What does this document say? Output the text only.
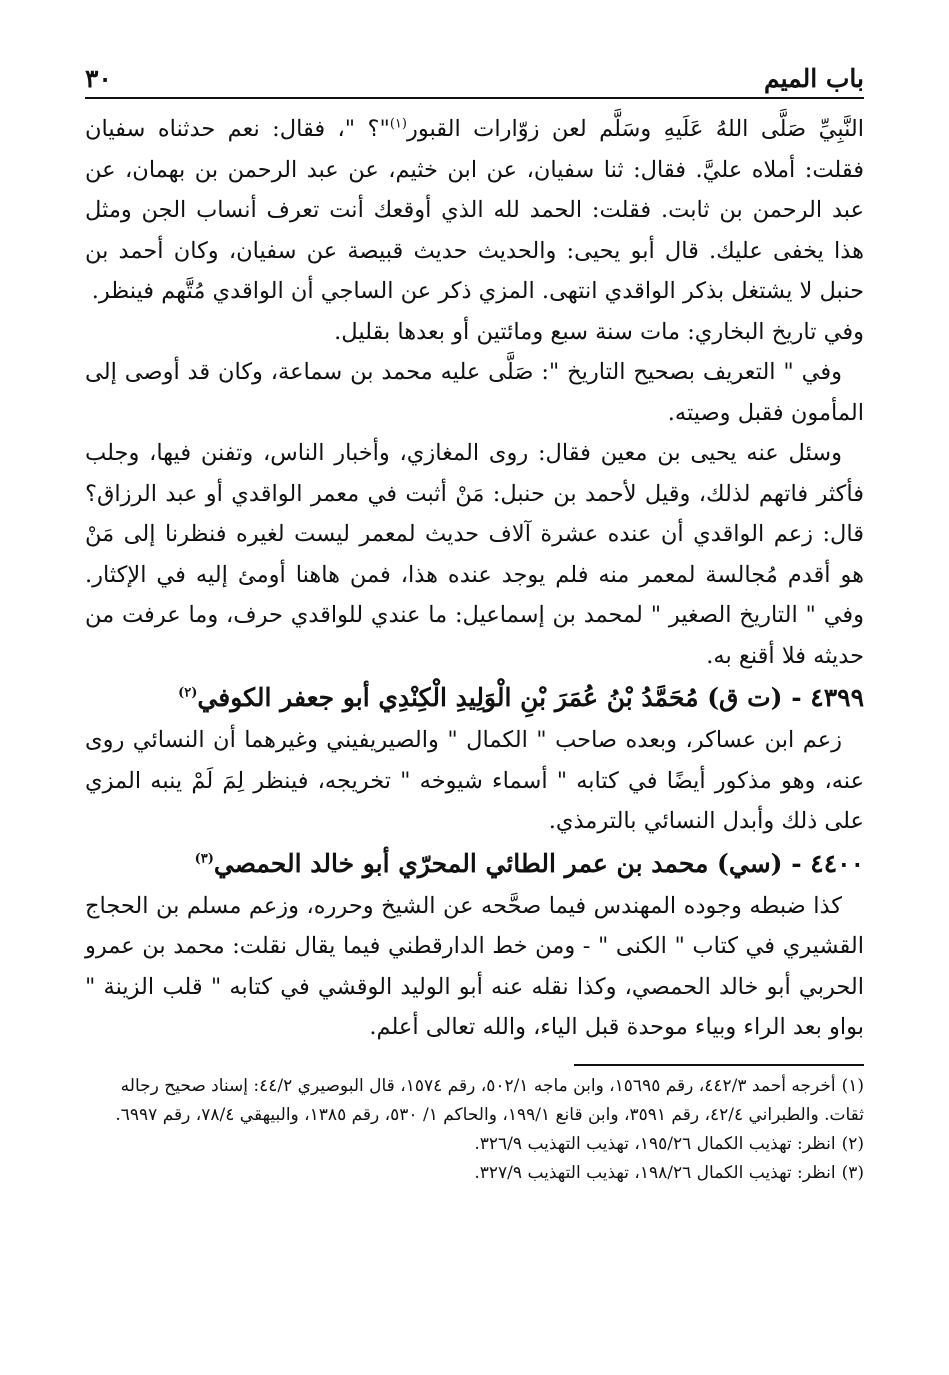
باب الميم
٣٠

النَّبِيِّ صَلَّى اللهُ عَلَيهِ وسَلَّم لعن زوّارات القبور$^{(١)}$"؟ "، فقال: نعم حدثناه سفيان فقلت: أملاه عليَّ. فقال: ثنا سفيان، عن ابن خثيم، عن عبد الرحمن بن بهمان، عن عبد الرحمن بن ثابت. فقلت: الحمد لله الذي أوقعك أنت تعرف أنساب الجن ومثل هذا يخفى عليك. قال أبو يحيى: والحديث حديث قبيصة عن سفيان، وكان أحمد بن حنبل لا يشتغل بذكر الواقدي انتهى. المزي ذكر عن الساجي أن الواقدي مُتَّهم فينظر.

وفي تاريخ البخاري: مات سنة سبع ومائتين أو بعدها بقليل.

وفي " التعريف بصحيح التاريخ ": صَلَّى عليه محمد بن سماعة، وكان قد أوصى إلى المأمون فقبل وصيته.

وسئل عنه يحيى بن معين فقال: روى المغازي، وأخبار الناس، وتفنن فيها، وجلب فأكثر فاتهم لذلك، وقيل لأحمد بن حنبل: مَنْ أثبت في معمر الواقدي أو عبد الرزاق؟ قال: زعم الواقدي أن عنده عشرة آلاف حديث لمعمر ليست لغيره فنظرنا إلى مَنْ هو أقدم مُجالسة لمعمر منه فلم يوجد عنده هذا، فمن هاهنا أومئ إليه في الإكثار. وفي " التاريخ الصغير " لمحمد بن إسماعيل: ما عندي للواقدي حرف، وما عرفت من حديثه فلا أقنع به.

٤٣٩٩ - (ت ق) مُحَمَّدُ بْنُ عُمَرَ بْنِ الْوَلِيدِ الْكِنْدِي أبو جعفر الكوفي$^{(٢)}$

زعم ابن عساكر، وبعده صاحب " الكمال " والصيريفيني وغيرهما أن النسائي روى عنه، وهو مذكور أيضًا في كتابه " أسماء شيوخه " تخريجه، فينظر لِمَ لَمْ ينبه المزي على ذلك وأبدل النسائي بالترمذي.

٤٤٠٠ - (سي) محمد بن عمر الطائي المحرّي أبو خالد الحمصي$^{(٣)}$

كذا ضبطه وجوده المهندس فيما صحَّحه عن الشيخ وحرره، وزعم مسلم بن الحجاج القشيري في كتاب " الكنى " - ومن خط الدارقطني فيما يقال نقلت: محمد بن عمرو الحربي أبو خالد الحمصي، وكذا نقله عنه أبو الوليد الوقشي في كتابه " قلب الزينة " بواو بعد الراء وبياء موحدة قبل الياء، والله تعالى أعلم.

(١)أخرجه أحمد ٤٤٢/٣، رقم ١٥٦٩٥، وابن ماجه ٥٠٢/١، رقم ١٥٧٤، قال البوصيري ٤٤/٢: إسناد صحيح رجاله ثقات. والطبراني ٤٢/٤، رقم ٣٥٩١، وابن قانع ١٩٩/١، والحاكم ١/ ٥٣٠، رقم ١٣٨٥، والبيهقي ٧٨/٤، رقم ٦٩٩٧.

(٢)انظر: تهذيب الكمال ١٩٥/٢٦، تهذيب التهذيب ٣٢٦/٩.

(٣)انظر: تهذيب الكمال ١٩٨/٢٦، تهذيب التهذيب ٣٢٧/٩.
